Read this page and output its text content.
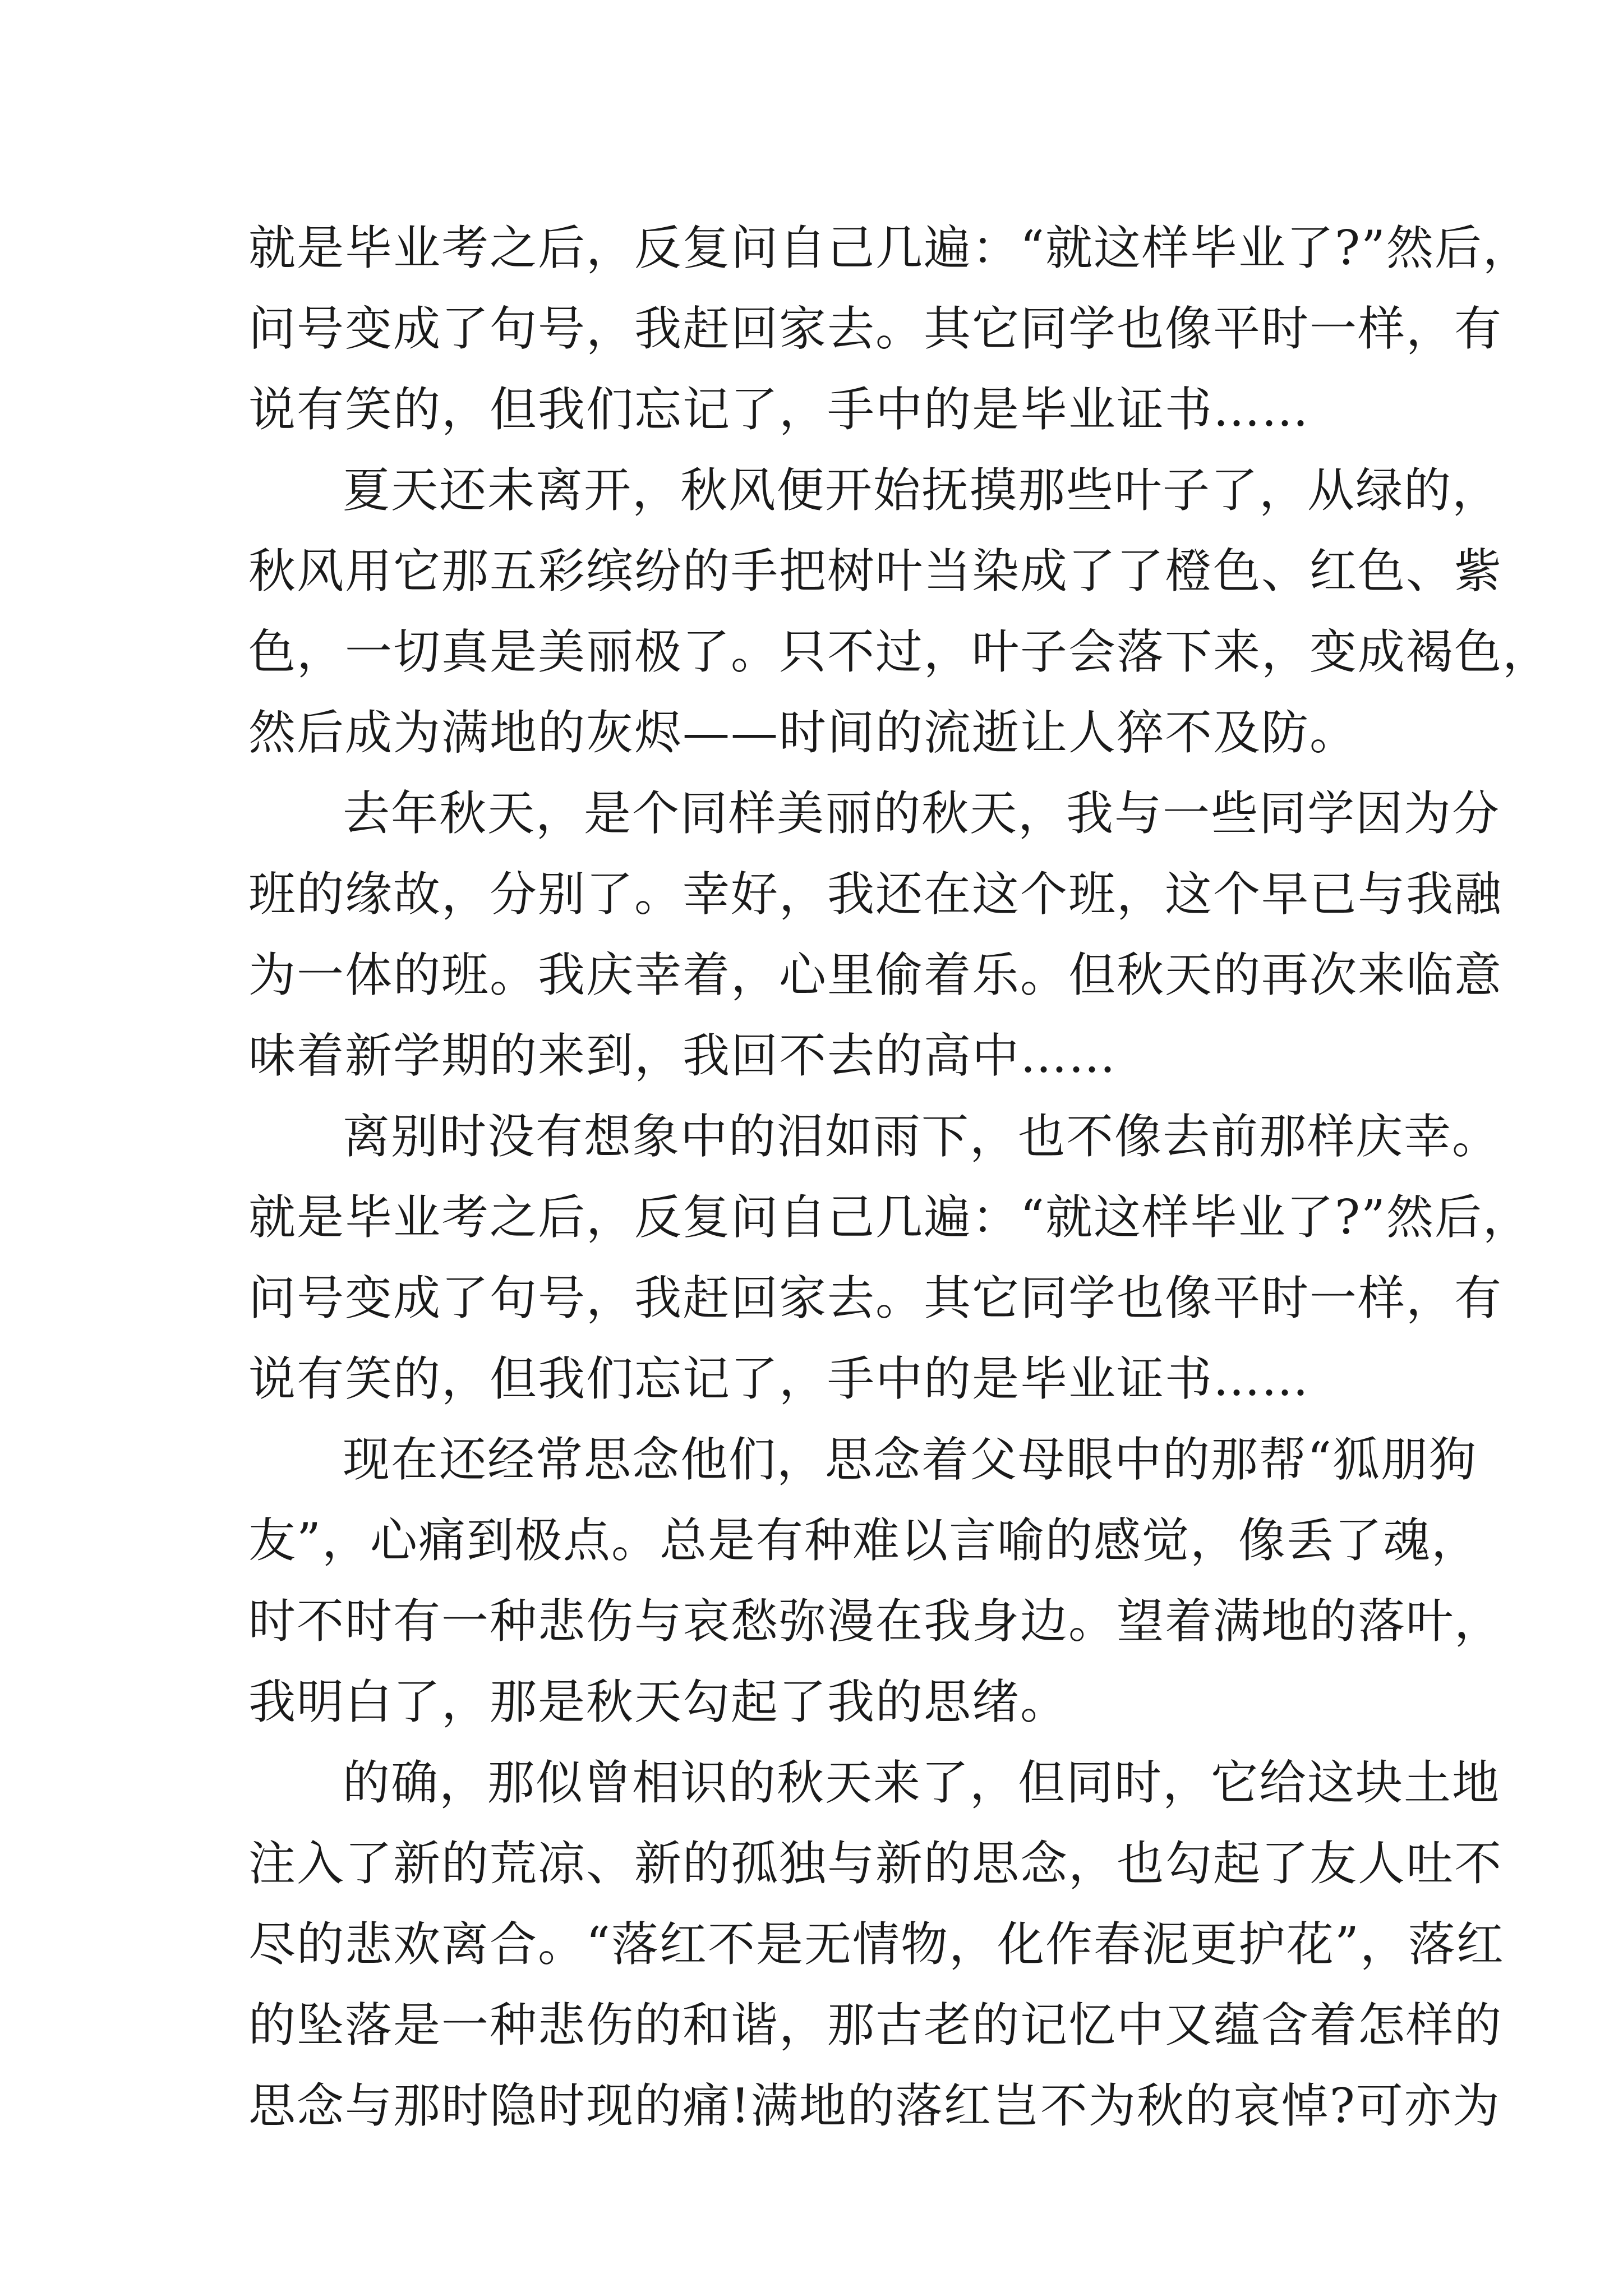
就是毕业考之后，反复问自己几遍：“就这样毕业了?”然后，
问号变成了句号，我赶回家去。其它同学也像平时一样，有
说有笑的，但我们忘记了，手中的是毕业证书……
夏天还未离开，秋风便开始抚摸那些叶子了，从绿的，
秋风用它那五彩缤纷的手把树叶当染成了了橙色、红色、紫
色，一切真是美丽极了。只不过，叶子会落下来，变成褐色，
然后成为满地的灰烬——时间的流逝让人猝不及防。
去年秋天，是个同样美丽的秋天，我与一些同学因为分
班的缘故，分别了。幸好，我还在这个班，这个早已与我融
为一体的班。我庆幸着，心里偷着乐。但秋天的再次来临意
味着新学期的来到，我回不去的高中……
离别时没有想象中的泪如雨下，也不像去前那样庆幸。
就是毕业考之后，反复问自己几遍：“就这样毕业了?”然后，
问号变成了句号，我赶回家去。其它同学也像平时一样，有
说有笑的，但我们忘记了，手中的是毕业证书……
现在还经常思念他们，思念着父母眼中的那帮“狐朋狗
友”，心痛到极点。总是有种难以言喻的感觉，像丢了魂，
时不时有一种悲伤与哀愁弥漫在我身边。望着满地的落叶，
我明白了，那是秋天勾起了我的思绪。
的确，那似曾相识的秋天来了，但同时，它给这块土地
注入了新的荒凉、新的孤独与新的思念，也勾起了友人吐不
尽的悲欢离合。“落红不是无情物，化作春泥更护花”，落红
的坠落是一种悲伤的和谐，那古老的记忆中又蕴含着怎样的
思念与那时隐时现的痛!满地的落红岂不为秋的哀悼?可亦为
